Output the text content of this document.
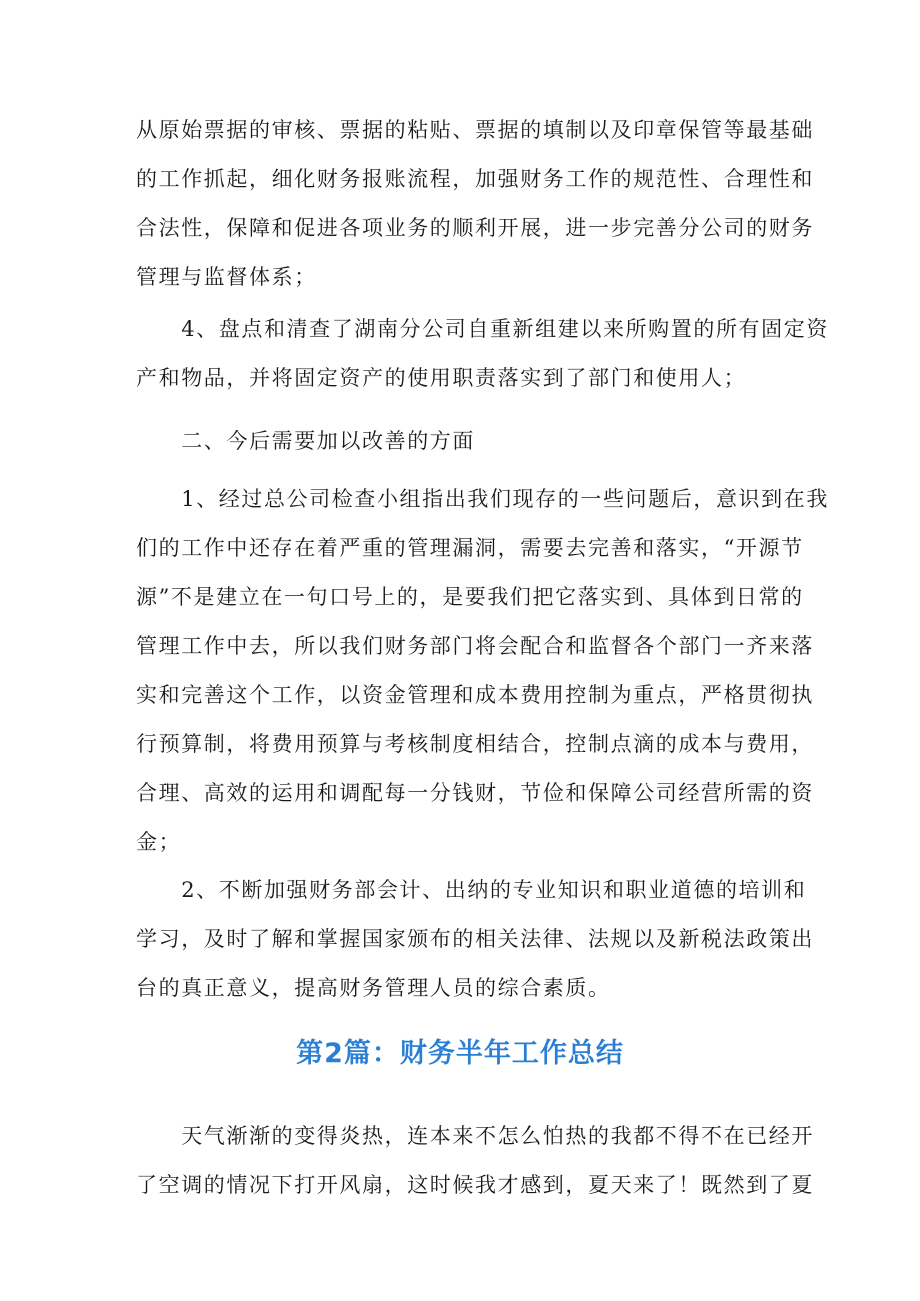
从原始票据的审核、票据的粘贴、票据的填制以及印章保管等最基础
的工作抓起，细化财务报账流程，加强财务工作的规范性、合理性和
合法性，保障和促进各项业务的顺利开展，进一步完善分公司的财务
管理与监督体系；
　　4、盘点和清查了湖南分公司自重新组建以来所购置的所有固定资
产和物品，并将固定资产的使用职责落实到了部门和使用人；
　　二、今后需要加以改善的方面
　　1、经过总公司检查小组指出我们现存的一些问题后，意识到在我
们的工作中还存在着严重的管理漏洞，需要去完善和落实，“开源节
源”不是建立在一句口号上的，是要我们把它落实到、具体到日常的
管理工作中去，所以我们财务部门将会配合和监督各个部门一齐来落
实和完善这个工作，以资金管理和成本费用控制为重点，严格贯彻执
行预算制，将费用预算与考核制度相结合，控制点滴的成本与费用，
合理、高效的运用和调配每一分钱财，节俭和保障公司经营所需的资
金；
　　2、不断加强财务部会计、出纳的专业知识和职业道德的培训和
学习，及时了解和掌握国家颁布的相关法律、法规以及新税法政策出
台的真正意义，提高财务管理人员的综合素质。
第2篇：财务半年工作总结
　　天气渐渐的变得炎热，连本来不怎么怕热的我都不得不在已经开
了空调的情况下打开风扇，这时候我才感到，夏天来了！既然到了夏
